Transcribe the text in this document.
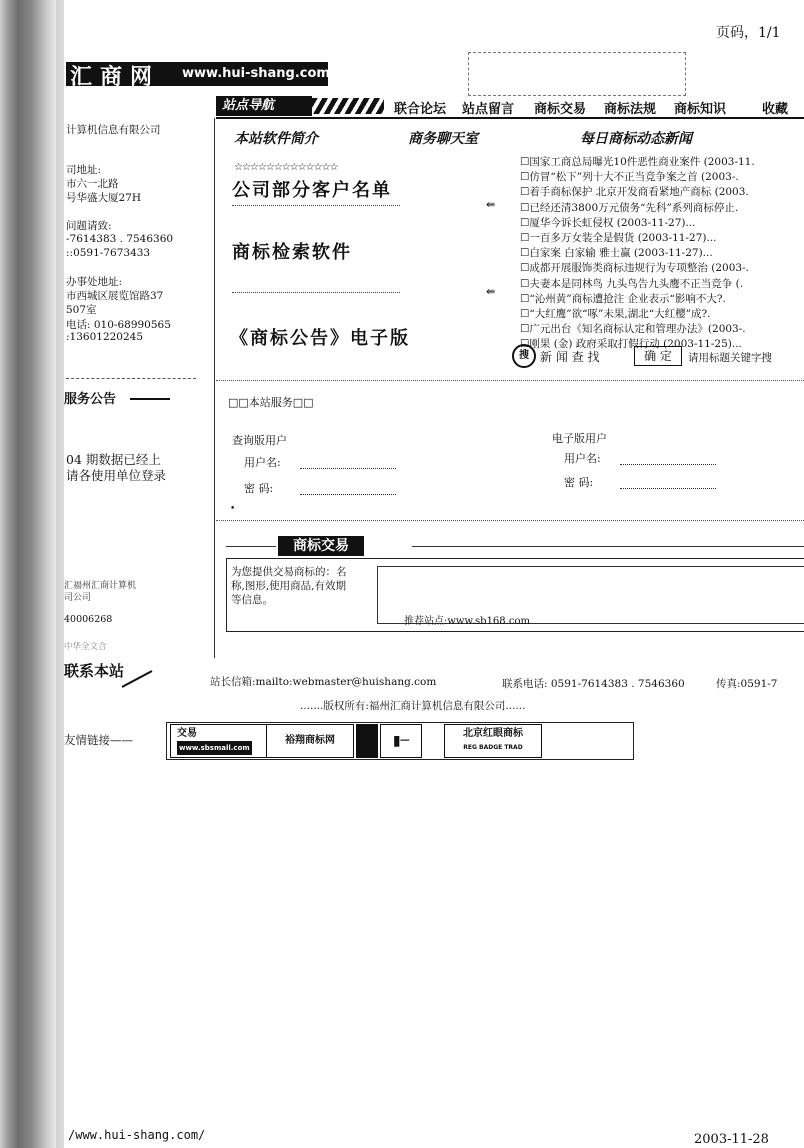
页码，1/1
汇商网 www.hui-shang.com
站点导航	联合论坛 站点留言 商标交易 商标法规 商标知识	收藏
计算机信息有限公司
司地址:
市六一北路
号华盛大厦27H
问题请致:
-7614383 . 7546360
::0591-7673433
办事处地址:
市西城区展览馆路37
507室
电话: 010-68990565
:13601220245
服务公告
04 期数据已经上
请各使用单位登录
汇福州汇商计算机
司公司
40006268
中华全文合
联系本站
本站软件简介	商务聊天室	每日商标动态新闻
☆☆☆☆☆☆☆☆☆☆☆☆☆
公司部分客户名单
⇚
商标检索软件
⇚
《商标公告》电子版
☐国家工商总局曝光10件恶性商业案件 (2003-11.
☐仿冒“松下”列十大不正当竞争案之首 (2003-.
☐着手商标保护 北京开发商看紧地产商标 (2003.
☐已经还清3800万元债务“先科”系列商标停止.
☐厦华今诉长虹侵权 (2003-11-27)...
☐一百多万女装全是假货 (2003-11-27)...
☐白家案 白家输 雅士赢 (2003-11-27)...
☐成都开展服饰类商标违规行为专项整治 (2003-.
☐夫妻本是同林鸟 九头鸟告九头鹰不正当竞争 (.
☐“沁州黄”商标遭抢注 企业表示“影响不大?.
☐“大红鹰”欲“啄”未果,湖北“大红樱”成?.
☐广元出台《知名商标认定和管理办法》(2003-.
☐刚果 (金) 政府采取打假行动 (2003-11-25)...
搜 新 闻 查 找	确 定	请用标题关键字搜
□□本站服务□□
查询版用户
用户名:
密 码:
电子版用户
用户名:
密 码:
•
商标交易
为您提供交易商标的：名
称,图形,使用商品,有效期
等信息。
推荐站点:www.sb168.com
站长信箱:mailto:webmaster@huishang.com	联系电话: 0591-7614383 . 7546360	传真:0591-7
.......版权所有:福州汇商计算机信息有限公司......
友情链接——	交易
www.sbsmall.com
裕翔商标网	▮─	北京红眼商标
REG BADGE TRAD
/www.hui-shang.com/	2003-11-28
